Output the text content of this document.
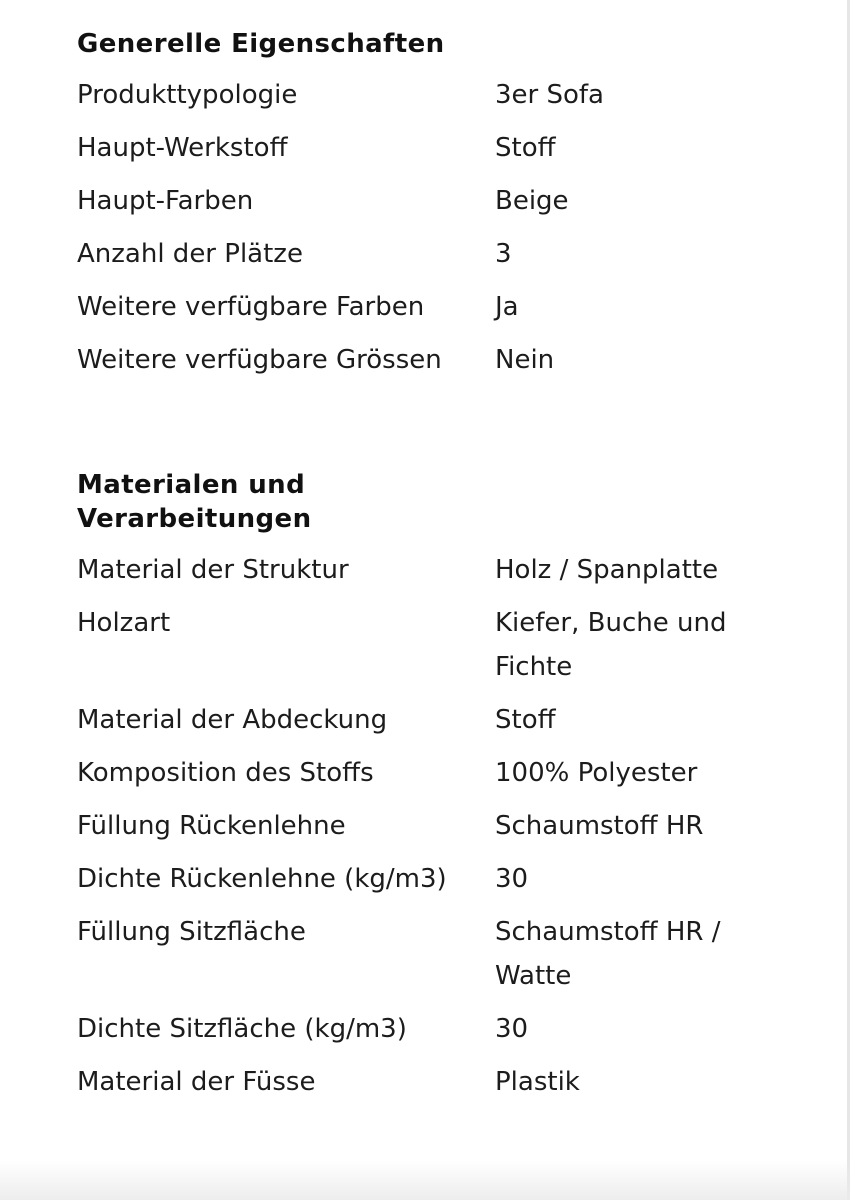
Generelle Eigenschaften
Produkttypologie	3er Sofa
Haupt-Werkstoff	Stoff
Haupt-Farben	Beige
Anzahl der Plätze	3
Weitere verfügbare Farben	Ja
Weitere verfügbare Grössen	Nein
Materialen und Verarbeitungen
Material der Struktur	Holz / Spanplatte
Holzart	Kiefer, Buche und Fichte
Material der Abdeckung	Stoff
Komposition des Stoffs	100% Polyester
Füllung Rückenlehne	Schaumstoff HR
Dichte Rückenlehne (kg/m3)	30
Füllung Sitzfläche	Schaumstoff HR / Watte
Dichte Sitzfläche (kg/m3)	30
Material der Füsse	Plastik
